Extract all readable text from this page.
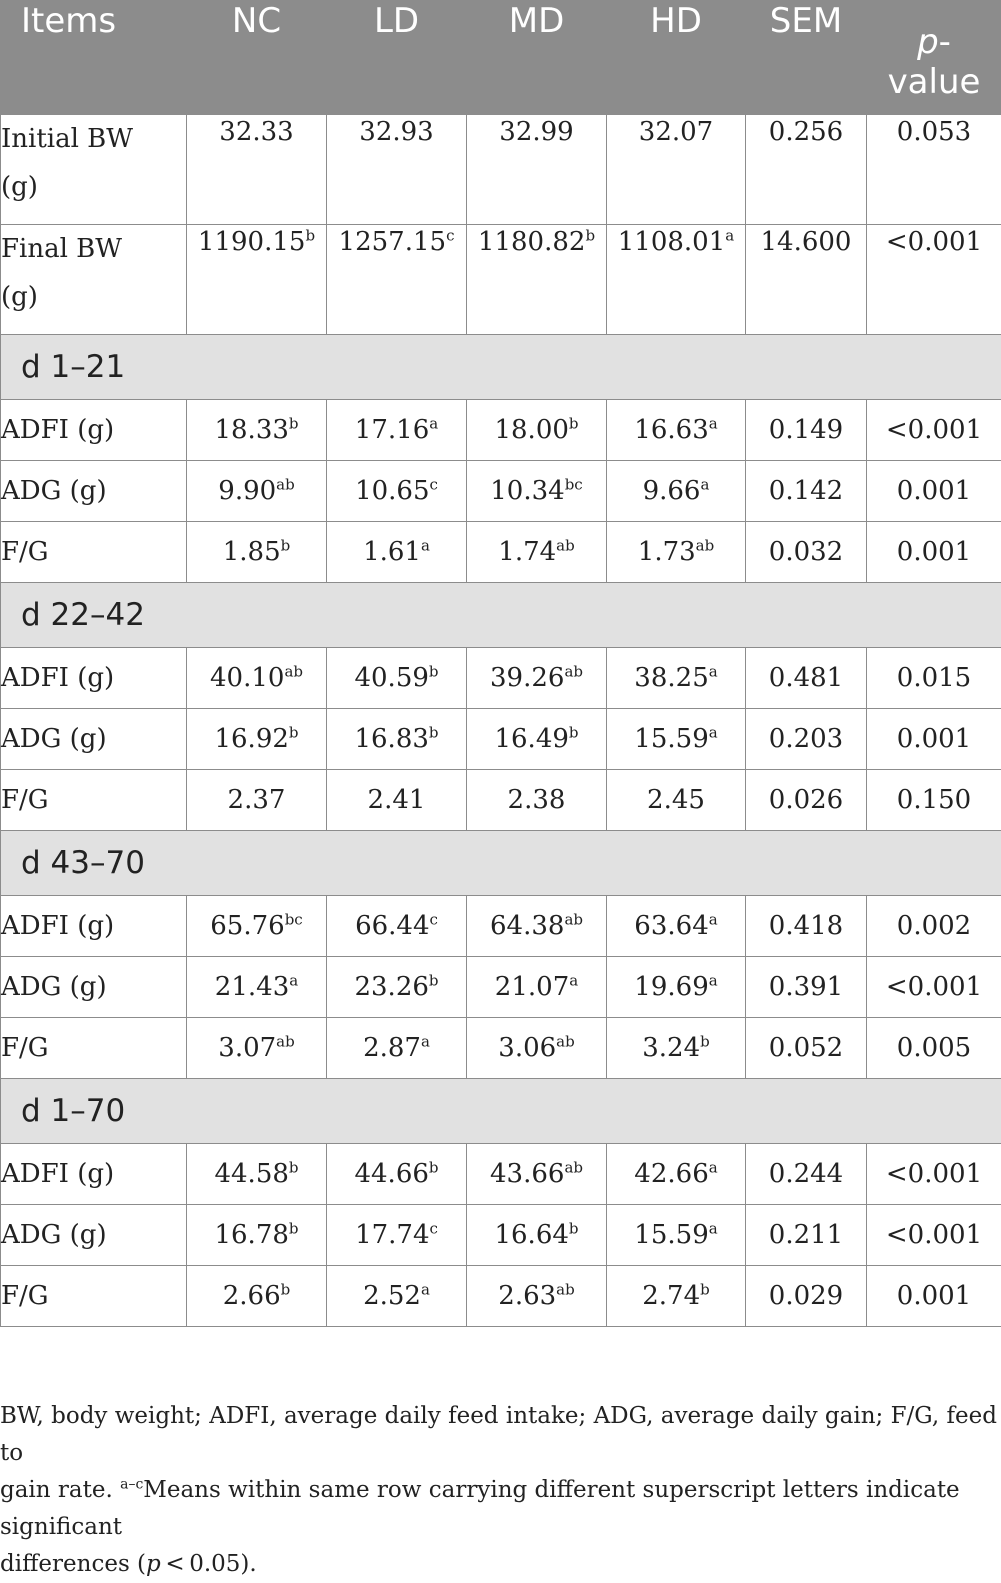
Items	NC	LD	MD	HD	SEM	p-
value
Initial BW
(g)	32.33	32.93	32.99	32.07	0.256	0.053
Final BW
(g)	1190.15$^b$	1257.15$^c$	1180.82$^b$	1108.01$^a$	14.600	<0.001
d 1–21						
ADFI (g)	18.33$^b$	17.16$^a$	18.00$^b$	16.63$^a$	0.149	<0.001
ADG (g)	9.90$^{ab}$	10.65$^c$	10.34$^{bc}$	9.66$^a$	0.142	0.001
F/G	1.85$^b$	1.61$^a$	1.74$^{ab}$	1.73$^{ab}$	0.032	0.001
d 22–42						
ADFI (g)	40.10$^{ab}$	40.59$^b$	39.26$^{ab}$	38.25$^a$	0.481	0.015
ADG (g)	16.92$^b$	16.83$^b$	16.49$^b$	15.59$^a$	0.203	0.001
F/G	2.37	2.41	2.38	2.45	0.026	0.150
d 43–70						
ADFI (g)	65.76$^{bc}$	66.44$^c$	64.38$^{ab}$	63.64$^a$	0.418	0.002
ADG (g)	21.43$^a$	23.26$^b$	21.07$^a$	19.69$^a$	0.391	<0.001
F/G	3.07$^{ab}$	2.87$^a$	3.06$^{ab}$	3.24$^b$	0.052	0.005
d 1–70						
ADFI (g)	44.58$^b$	44.66$^b$	43.66$^{ab}$	42.66$^a$	0.244	<0.001
ADG (g)	16.78$^b$	17.74$^c$	16.64$^b$	15.59$^a$	0.211	<0.001
F/G	2.66$^b$	2.52$^a$	2.63$^{ab}$	2.74$^b$	0.029	0.001
BW, body weight; ADFI, average daily feed intake; ADG, average daily gain; F/G, feed to
gain rate. $^{a-c}$Means within same row carrying different superscript letters indicate significant
differences (p < 0.05).
